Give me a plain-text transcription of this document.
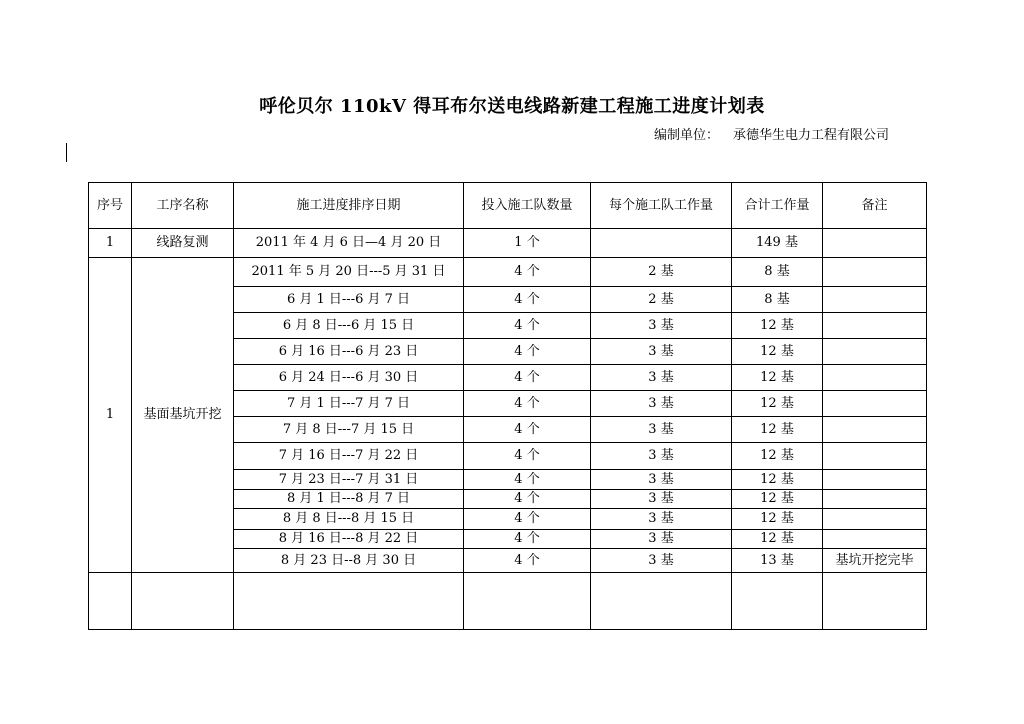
呼伦贝尔 110kV 得耳布尔送电线路新建工程施工进度计划表
编制单位： 承德华生电力工程有限公司
序号	工序名称	施工进度排序日期	投入施工队数量	每个施工队工作量	合计工作量	备注
1	线路复测	2011 年 4 月 6 日—4 月 20 日	1 个		149 基	
1	基面基坑开挖	2011 年 5 月 20 日---5 月 31 日	4 个	2 基	8 基	
		6 月 1 日---6 月 7 日	4 个	2 基	8 基	
		6 月 8 日---6 月 15 日	4 个	3 基	12 基	
		6 月 16 日---6 月 23 日	4 个	3 基	12 基	
		6 月 24 日---6 月 30 日	4 个	3 基	12 基	
		7 月 1 日---7 月 7 日	4 个	3 基	12 基	
		7 月 8 日---7 月 15 日	4 个	3 基	12 基	
		7 月 16 日---7 月 22 日	4 个	3 基	12 基	
		7 月 23 日---7 月 31 日	4 个	3 基	12 基	
		8 月 1 日---8 月 7 日	4 个	3 基	12 基	
		8 月 8 日---8 月 15 日	4 个	3 基	12 基	
		8 月 16 日---8 月 22 日	4 个	3 基	12 基	
		8 月 23 日--8 月 30 日	4 个	3 基	13 基	基坑开挖完毕
